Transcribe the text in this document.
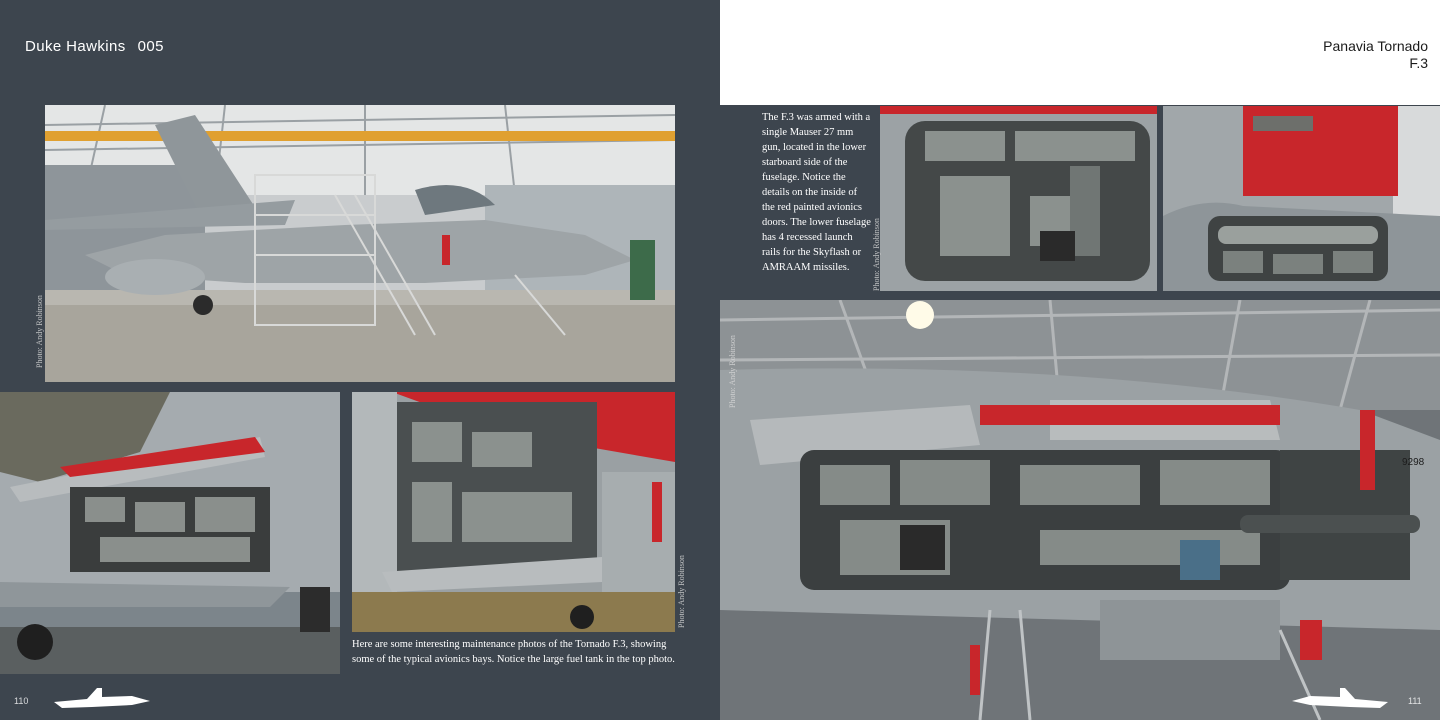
Duke Hawkins 005
Photo: Andy Robinson
Photo: Andy Robinson
Here are some interesting maintenance photos of the Tornado F.3, showing some of the typical avionics bays. Notice the large fuel tank in the top photo.
110
Panavia Tornado
F.3
The F.3 was armed with a single Mauser 27 mm gun, located in the lower starboard side of the fuselage. Notice the details on the inside of the red painted avionics doors. The lower fuselage has 4 recessed launch rails for the Skyflash or AMRAAM missiles.	Photo: Andy Robinson
9298
Photo: Andy Robinson
111
